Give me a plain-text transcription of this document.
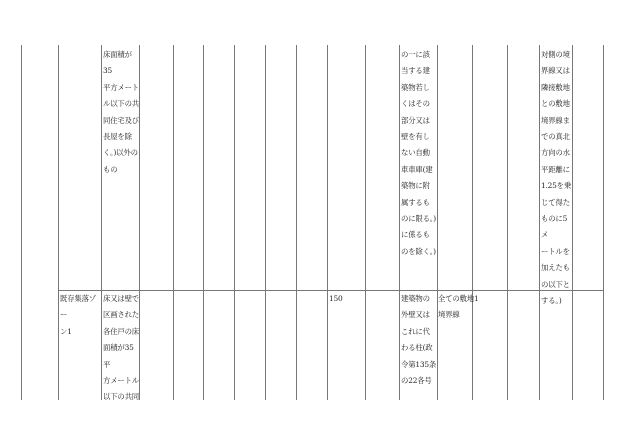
床面積が35
平方メート
ル以下の共
同住宅及び
長屋を除
く。)以外の
もの
の一に該
当する建
築物若し
くはその
部分又は
壁を有し
ない自動
車車庫(建
築物に附
属するも
のに限る。)
に係るも
のを除く。)
対側の境
界線又は
隣接敷地
との敷地
境界線ま
での真北
方向の水
平距離に
1.25を乗
じて得た
ものに5メ
ートルを
加えたも
の以下と
する。)
既存集落ゾー
ン1
床又は壁で
区画された
各住戸の床
面積が35平
方メートル
以下の共同
150	建築物の
外壁又は
これに代
わる柱(政
令第135条
の22各号
全ての敷地
境界線
1
